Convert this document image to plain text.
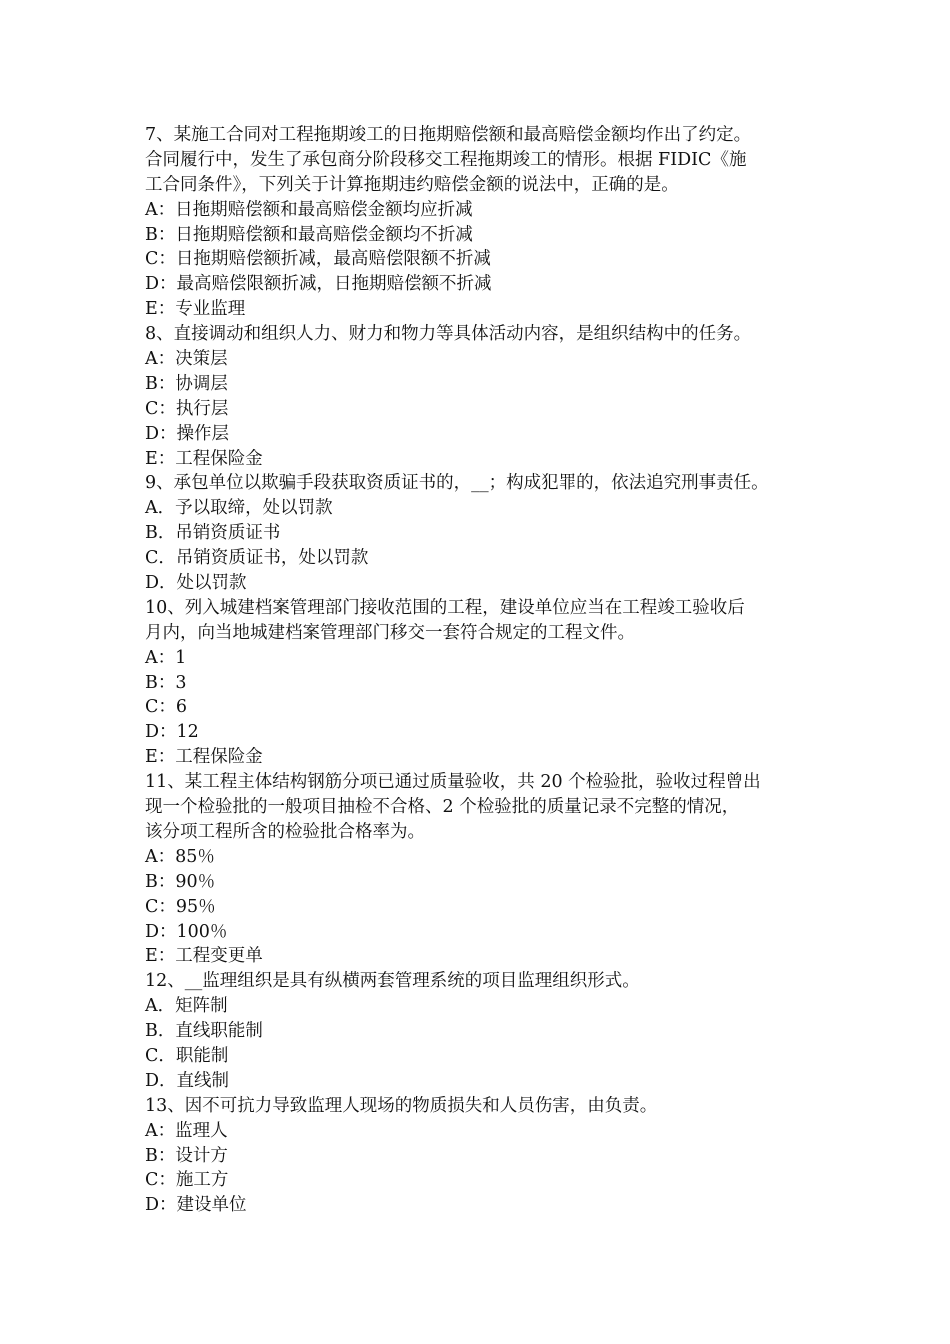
7、某施工合同对工程拖期竣工的日拖期赔偿额和最高赔偿金额均作出了约定。
合同履行中，发生了承包商分阶段移交工程拖期竣工的情形。根据 FIDIC《施
工合同条件》，下列关于计算拖期违约赔偿金额的说法中，正确的是。
A：日拖期赔偿额和最高赔偿金额均应折减
B：日拖期赔偿额和最高赔偿金额均不折减
C：日拖期赔偿额折减，最高赔偿限额不折减
D：最高赔偿限额折减，日拖期赔偿额不折减
E：专业监理
8、直接调动和组织人力、财力和物力等具体活动内容，是组织结构中的任务。
A：决策层
B：协调层
C：执行层
D：操作层
E：工程保险金
9、承包单位以欺骗手段获取资质证书的，__；构成犯罪的，依法追究刑事责任。
A．予以取缔，处以罚款
B．吊销资质证书
C．吊销资质证书，处以罚款
D．处以罚款
10、列入城建档案管理部门接收范围的工程，建设单位应当在工程竣工验收后
月内，向当地城建档案管理部门移交一套符合规定的工程文件。
A：1
B：3
C：6
D：12
E：工程保险金
11、某工程主体结构钢筋分项已通过质量验收，共 20 个检验批，验收过程曾出
现一个检验批的一般项目抽检不合格、2 个检验批的质量记录不完整的情况，
该分项工程所含的检验批合格率为。
A：85％
B：90％
C：95％
D：100％
E：工程变更单
12、__监理组织是具有纵横两套管理系统的项目监理组织形式。
A．矩阵制
B．直线职能制
C．职能制
D．直线制
13、因不可抗力导致监理人现场的物质损失和人员伤害，由负责。
A：监理人
B：设计方
C：施工方
D：建设单位
